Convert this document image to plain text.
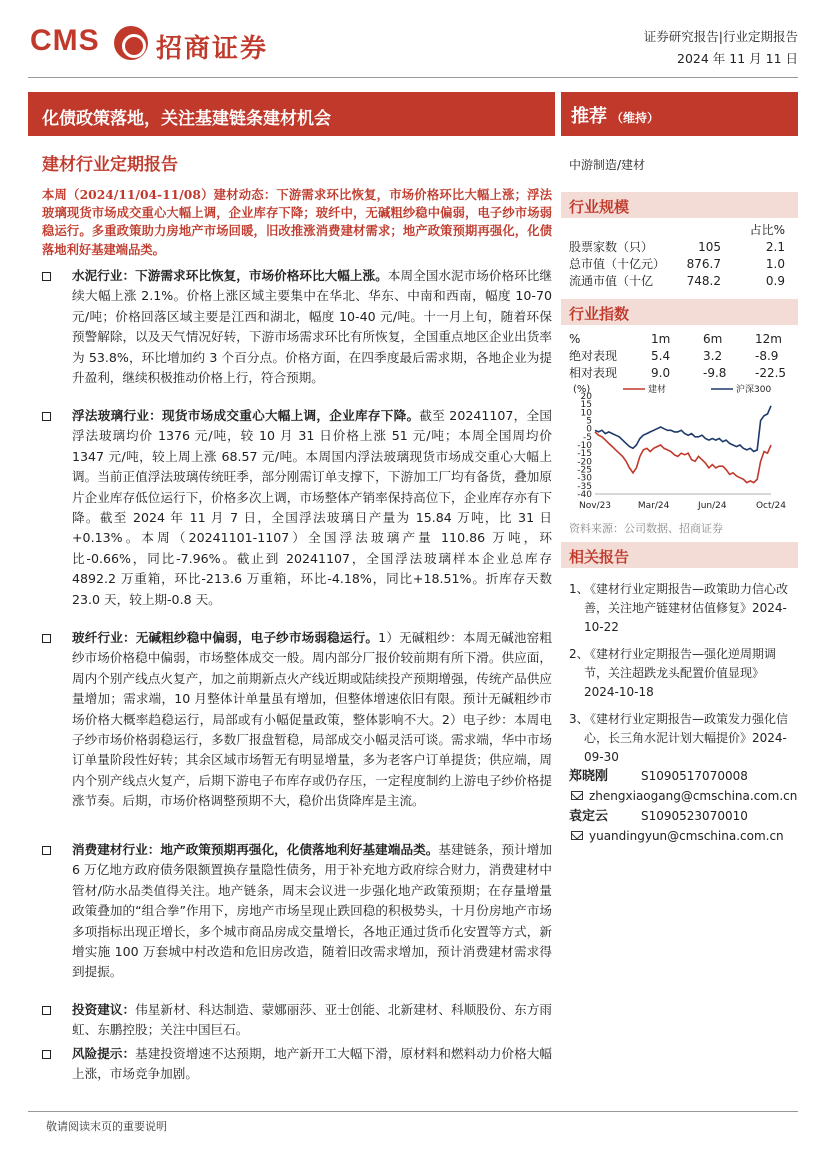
CMS 招商证券	证券研究报告|行业定期报告
2024 年 11 月 11 日
化债政策落地，关注基建链条建材机会	推荐 （维持）
建材行业定期报告
本周（2024/11/04-11/08）建材动态：下游需求环比恢复，市场价格环比大幅上涨；浮法玻璃现货市场成交重心大幅上调，企业库存下降；玻纤中，无碱粗纱稳中偏弱，电子纱市场弱稳运行。多重政策助力房地产市场回暖，旧改推涨消费建材需求；地产政策预期再强化，化债落地利好基建端品类。
水泥行业：下游需求环比恢复，市场价格环比大幅上涨。本周全国水泥市场价格环比继续大幅上涨 2.1%。价格上涨区域主要集中在华北、华东、中南和西南，幅度 10-70 元/吨；价格回落区域主要是江西和湖北，幅度 10-40 元/吨。十一月上旬，随着环保预警解除，以及天气情况好转，下游市场需求环比有所恢复，全国重点地区企业出货率为 53.8%，环比增加约 3 个百分点。价格方面，在四季度最后需求期，各地企业为提升盈利，继续积极推动价格上行，符合预期。
浮法玻璃行业：现货市场成交重心大幅上调，企业库存下降。截至 20241107，全国浮法玻璃均价 1376 元/吨，较 10 月 31 日价格上涨 51 元/吨；本周全国周均价 1347 元/吨，较上周上涨 68.57 元/吨。本周国内浮法玻璃现货市场成交重心大幅上调。当前正值浮法玻璃传统旺季，部分刚需订单支撑下，下游加工厂均有备货，叠加原片企业库存低位运行下，价格多次上调，市场整体产销率保持高位下，企业库存亦有下降。截至 2024 年 11 月 7 日，全国浮法玻璃日产量为 15.84 万吨，比 31 日+0.13%。本周（20241101-1107）全国浮法玻璃产量 110.86 万吨，环比-0.66%，同比-7.96%。截止到 20241107，全国浮法玻璃样本企业总库存 4892.2 万重箱，环比-213.6 万重箱，环比-4.18%，同比+18.51%。折库存天数 23.0 天，较上期-0.8 天。
玻纤行业：无碱粗纱稳中偏弱，电子纱市场弱稳运行。1）无碱粗纱：本周无碱池窑粗纱市场价格稳中偏弱，市场整体成交一般。周内部分厂报价较前期有所下滑。供应面，周内个别产线点火复产，加之前期新点火产线近期或陆续投产预期增强，传统产品供应量增加；需求端，10 月整体计单量虽有增加，但整体增速依旧有限。预计无碱粗纱市场价格大概率趋稳运行，局部或有小幅促量政策，整体影响不大。2）电子纱：本周电子纱市场价格弱稳运行，多数厂报盘暂稳，局部成交小幅灵活可谈。需求端，华中市场订单量阶段性好转；其余区域市场暂无有明显增量，多为老客户订单提货；供应端，周内个别产线点火复产，后期下游电子布库存或仍存压，一定程度制约上游电子纱价格提涨节奏。后期，市场价格调整预期不大，稳价出货降库是主流。
消费建材行业：地产政策预期再强化，化债落地利好基建端品类。基建链条，预计增加 6 万亿地方政府债务限额置换存量隐性债务，用于补充地方政府综合财力，消费建材中管材/防水品类值得关注。地产链条，周末会议进一步强化地产政策预期；在存量增量政策叠加的“组合拳”作用下，房地产市场呈现止跌回稳的积极势头，十月份房地产市场多项指标出现正增长，多个城市商品房成交量增长，各地正通过货币化安置等方式，新增实施 100 万套城中村改造和危旧房改造，随着旧改需求增加，预计消费建材需求得到提振。
投资建议：伟星新材、科达制造、蒙娜丽莎、亚士创能、北新建材、科顺股份、东方雨虹、东鹏控股；关注中国巨石。
风险提示：基建投资增速不达预期，地产新开工大幅下滑，原材料和燃料动力价格大幅上涨，市场竞争加剧。
中游制造/建材
行业规模
占比%
股票家数（只）	105	2.1
总市值（十亿元） 876.7	1.0
流通市值（十亿	748.2	0.9
行业指数
%	1m	6m	12m
绝对表现	5.4	3.2	-8.9
相对表现	9.0	-9.8 -22.5
(%)	建材	沪深300
20
15
10
5
0
-5
-10
-15
-20
-25
-30
-35
-40
Nov/23	Mar/24	Jun/24	Oct/24
资料来源：公司数据、招商证券
相关报告
1、
《建材行业定期报告—政策助力信心改善，关注地产链建材估值修复》2024-10-22
2、
《建材行业定期报告—强化逆周期调节，关注超跌龙头配置价值显现》2024-10-18
3、
《建材行业定期报告—政策发力强化信心，长三角水泥计划大幅提价》2024-09-30
郑晓刚	S1090517070008
zhengxiaogang@cmschina.com.cn
袁定云	S1090523070010
yuandingyun@cmschina.com.cn
敬请阅读末页的重要说明
